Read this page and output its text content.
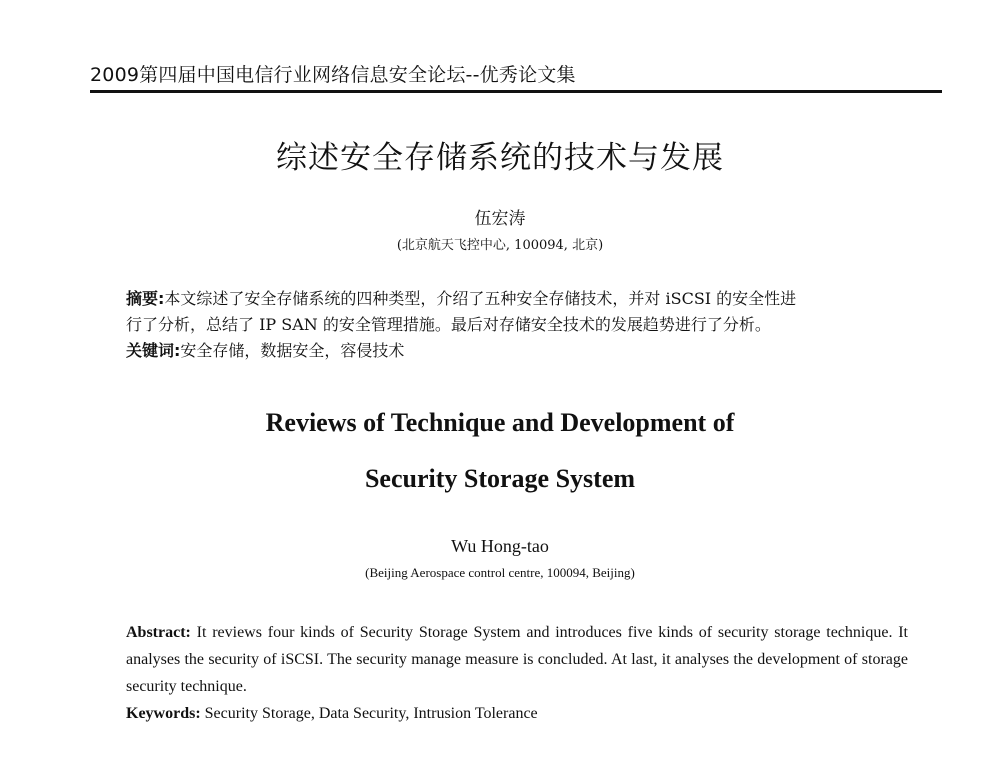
2009第四届中国电信行业网络信息安全论坛--优秀论文集
综述安全存储系统的技术与发展
伍宏涛
(北京航天飞控中心, 100094, 北京)

摘要:本文综述了安全存储系统的四种类型，介绍了五种安全存储技术，并对 iSCSI 的安全性进

行了分析，总结了 IP SAN 的安全管理措施。最后对存储安全技术的发展趋势进行了分析。

关键词:安全存储，数据安全，容侵技术

Reviews of Technique and Development of
Security Storage System
Wu Hong-tao
(Beijing Aerospace control centre, 100094, Beijing)

Abstract: It reviews four kinds of Security Storage System and introduces five kinds of security storage technique. It analyses the security of iSCSI. The security manage measure is concluded. At last, it analyses the development of storage security technique.

Keywords: Security Storage, Data Security, Intrusion Tolerance
